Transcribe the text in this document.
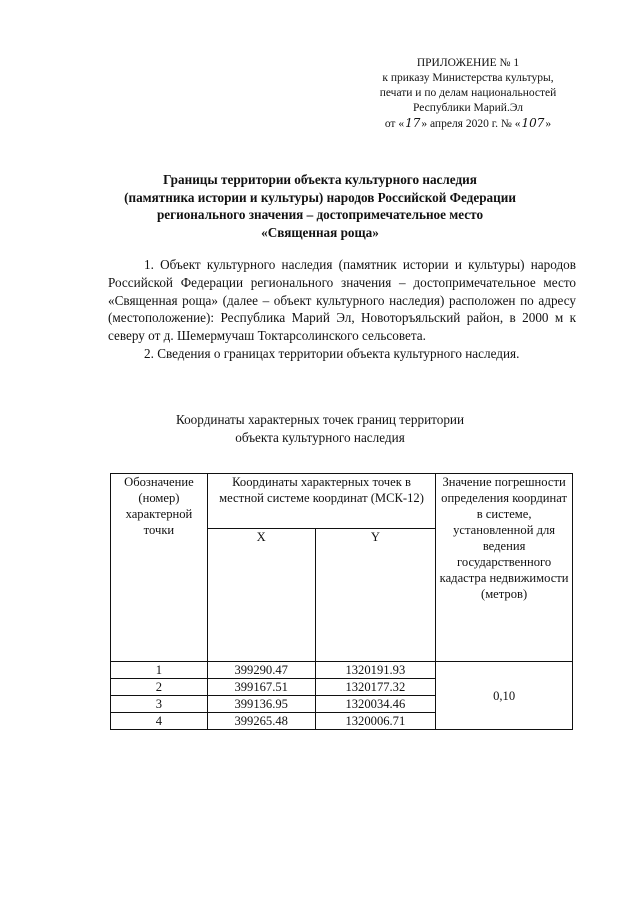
ПРИЛОЖЕНИЕ № 1
к приказу Министерства культуры,
печати и по делам национальностей
Республики Марий.Эл
от «17» апреля 2020 г. № «107»
Границы территории объекта культурного наследия
(памятника истории и культуры) народов Российской Федерации
регионального значения – достопримечательное место
«Священная роща»

1. Объект культурного наследия (памятник истории и культуры) народов Российской Федерации регионального значения – достопримечательное место «Священная роща» (далее – объект культурного наследия) расположен по адресу (местоположение): Республика Марий Эл, Новоторъяльский район, в 2000 м к северу от д. Шемермучаш Токтарсолинского сельсовета.

2. Сведения о границах территории объекта культурного наследия.

Координаты характерных точек границ территории
объекта культурного наследия
Обозначение (номер) характерной точки	Координаты характерных точек в местной системе координат (МСК-12)		Значение погрешности определения координат в системе, установленной для ведения государственного кадастра недвижимости (метров)
	X	Y	
1	399290.47	1320191.93	0,10
2	399167.51	1320177.32	
3	399136.95	1320034.46	
4	399265.48	1320006.71	
